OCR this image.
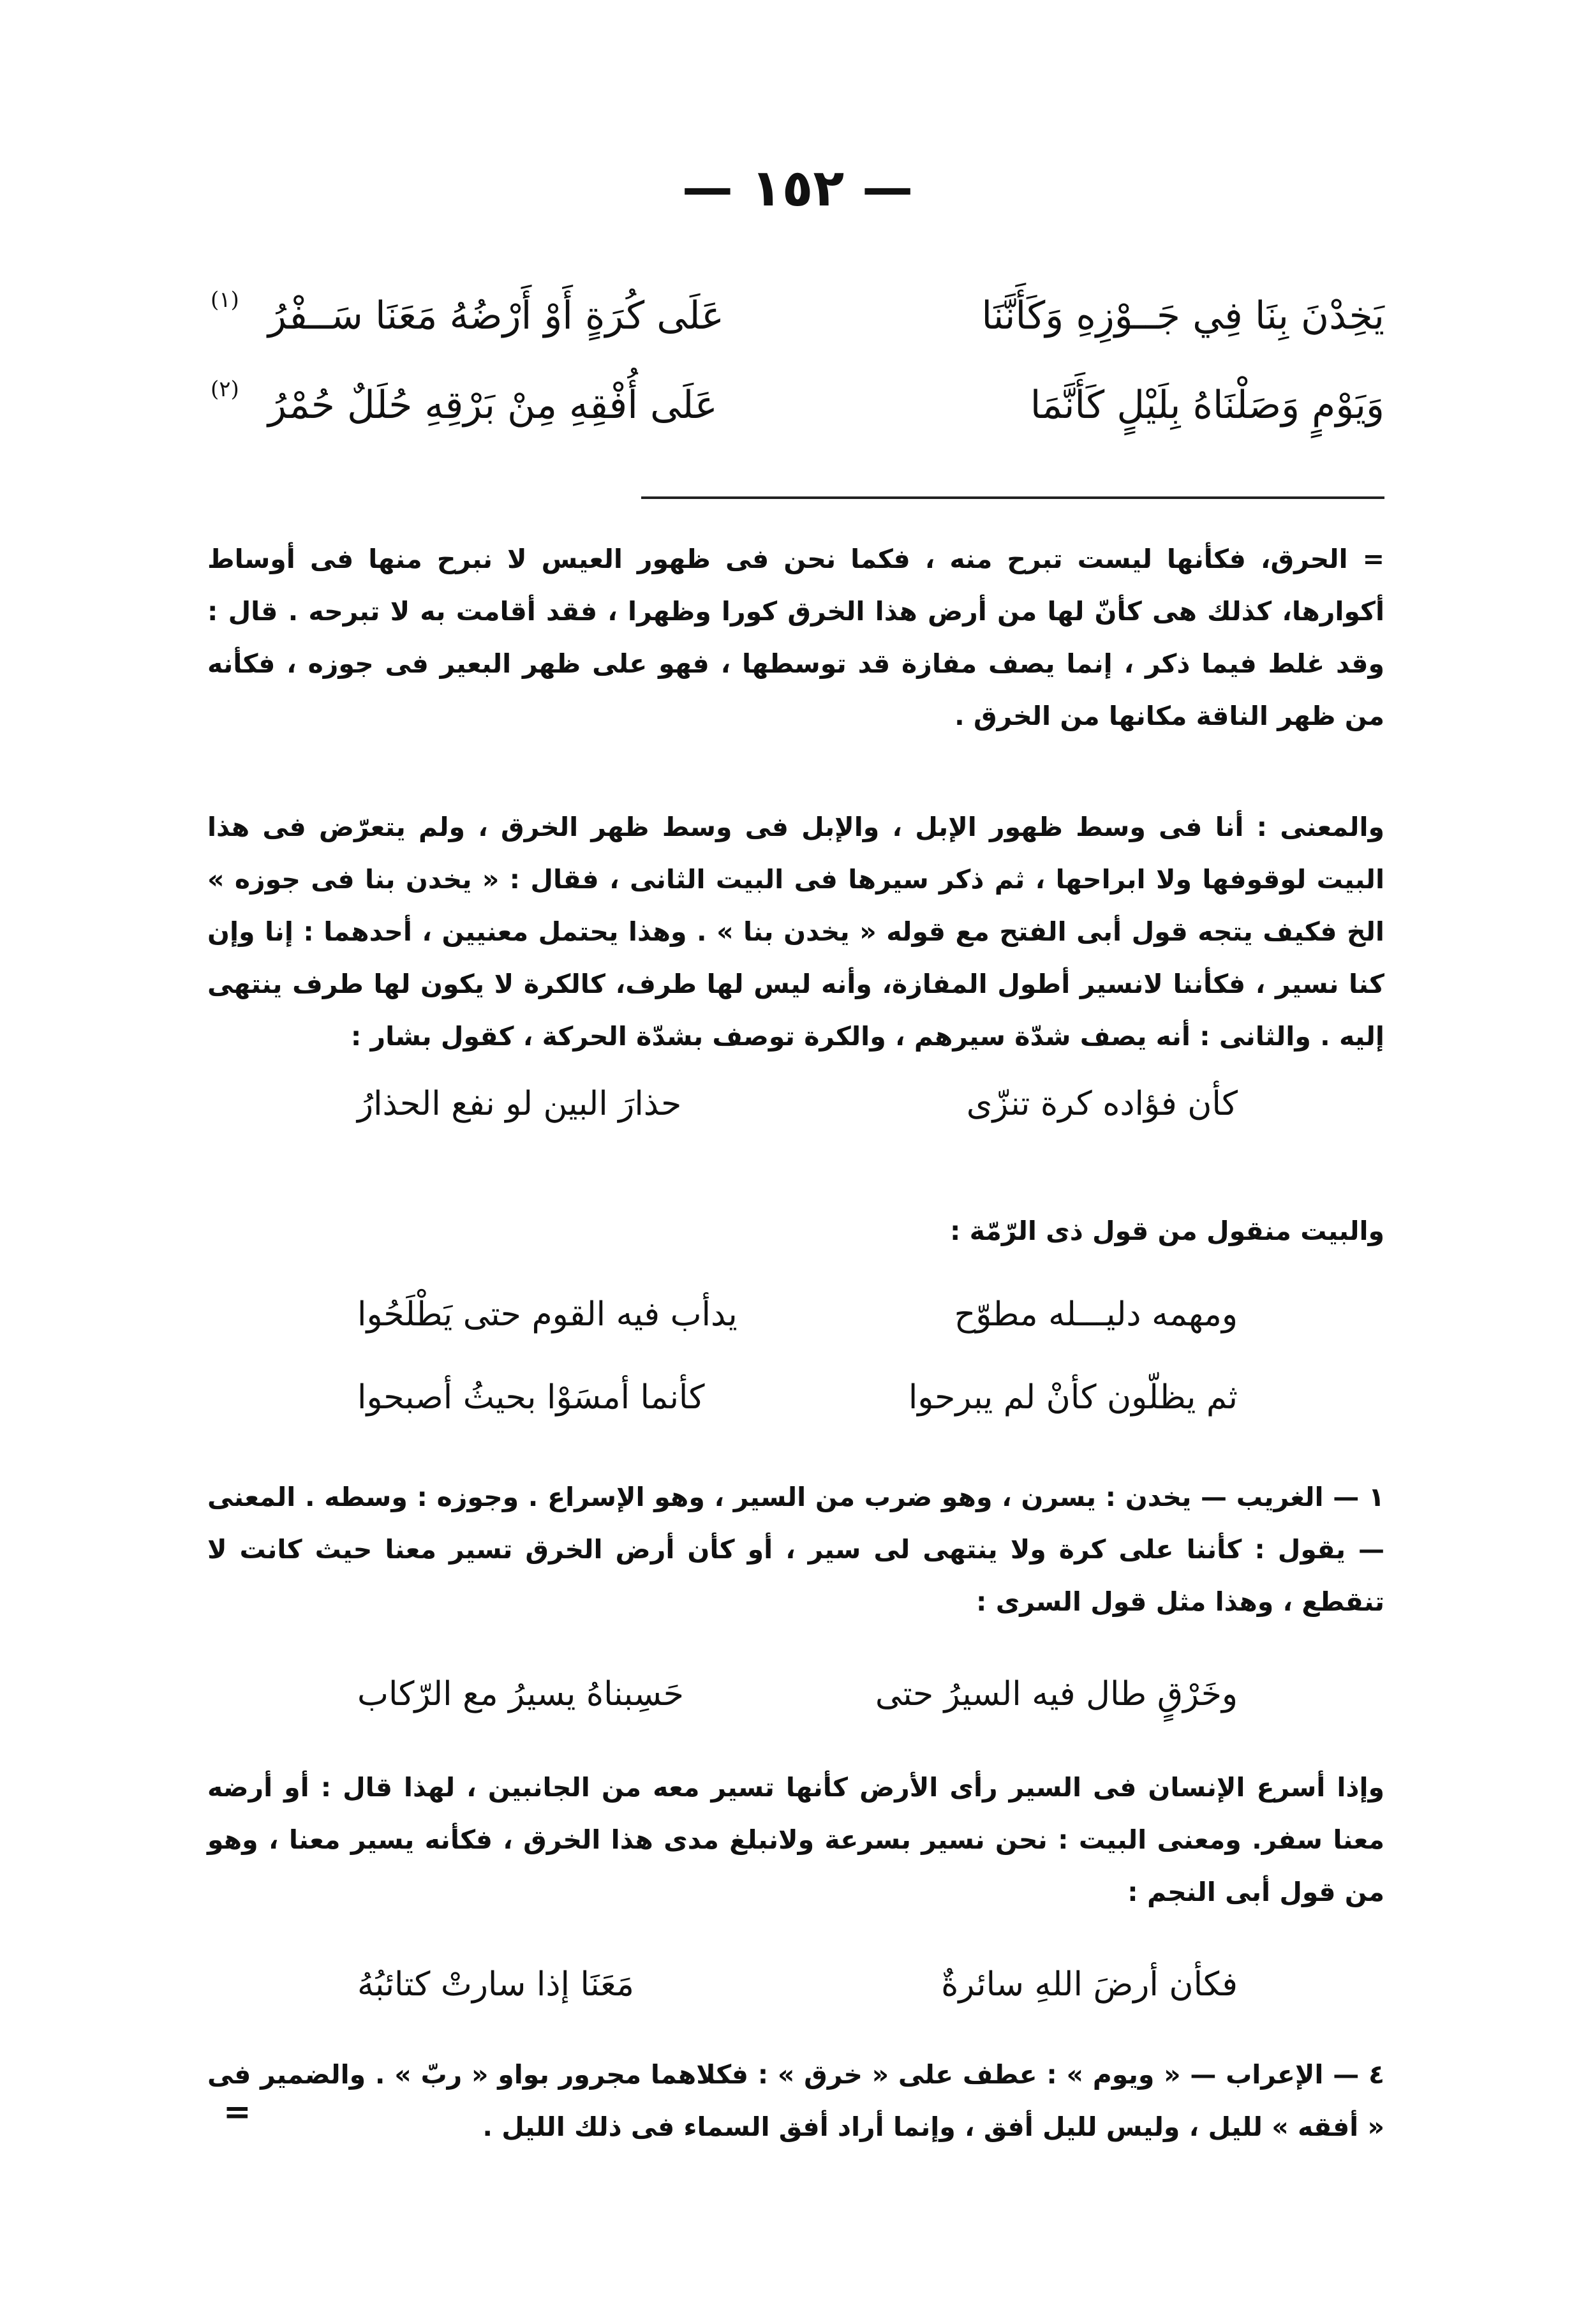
— ١٥٢ —
يَخِدْنَ بِنَا فِي جَــوْزِهِ وَكَأَنَّنَا
عَلَى كُرَةٍ أَوْ أَرْضُهُ مَعَنَا سَــفْرُ
(١)
وَيَوْمٍ وَصَلْنَاهُ بِلَيْلٍ كَأَنَّمَا
عَلَى أُفْقِهِ مِنْ بَرْقِهِ حُلَلٌ حُمْرُ
(٢)
= الحرق، فكأنها ليست تبرح منه ، فكما نحن فى ظهور العيس لا نبرح منها فى أوساط أكوارها، كذلك هى كأنّ لها من أرض هذا الخرق كورا وظهرا ، فقد أقامت به لا تبرحه . قال : وقد غلط فيما ذكر ، إنما يصف مفازة قد توسطها ، فهو على ظهر البعير فى جوزه ، فكأنه من ظهر الناقة مكانها من الخرق .
والمعنى : أنا فى وسط ظهور الإبل ، والإبل فى وسط ظهر الخرق ، ولم يتعرّض فى هذا البيت لوقوفها ولا ابراحها ، ثم ذكر سيرها فى البيت الثانى ، فقال : « يخدن بنا فى جوزه » الخ فكيف يتجه قول أبى الفتح مع قوله « يخدن بنا » . وهذا يحتمل معنيين ، أحدهما : إنا وإن كنا نسير ، فكأننا لانسير أطول المفازة، وأنه ليس لها طرف، كالكرة لا يكون لها طرف ينتهى إليه . والثانى : أنه يصف شدّة سيرهم ، والكرة توصف بشدّة الحركة ، كقول بشار :
كأن فؤاده كرة تنزّى
حذارَ البين لو نفع الحذارُ
والبيت منقول من قول ذى الرّمّة :
ومهمه دليـــله مطوّح
يدأب فيه القوم حتى يَطْلَحُوا
ثم يظلّون كأنْ لم يبرحوا
كأنما أمسَوْا بحيثُ أصبحوا
١ — الغريب — يخدن : يسرن ، وهو ضرب من السير ، وهو الإسراع . وجوزه : وسطه . المعنى — يقول : كأننا على كرة ولا ينتهى لى سير ، أو كأن أرض الخرق تسير معنا حيث كانت لا تنقطع ، وهذا مثل قول السرى :
وخَرْقٍ طال فيه السيرُ حتى
حَسِبناهُ يسيرُ مع الرّكاب
وإذا أسرع الإنسان فى السير رأى الأرض كأنها تسير معه من الجانبين ، لهذا قال : أو أرضه معنا سفر. ومعنى البيت : نحن نسير بسرعة ولانبلغ مدى هذا الخرق ، فكأنه يسير معنا ، وهو من قول أبى النجم :
فكأن أرضَ اللهِ سائرةٌ
مَعَنَا إذا سارتْ كتائبُهُ
٤ — الإعراب — « ويوم » : عطف على « خرق » : فكلاهما مجرور بواو « ربّ » . والضمير فى « أفقه » لليل ، وليس لليل أفق ، وإنما أراد أفق السماء فى ذلك الليل .
=
